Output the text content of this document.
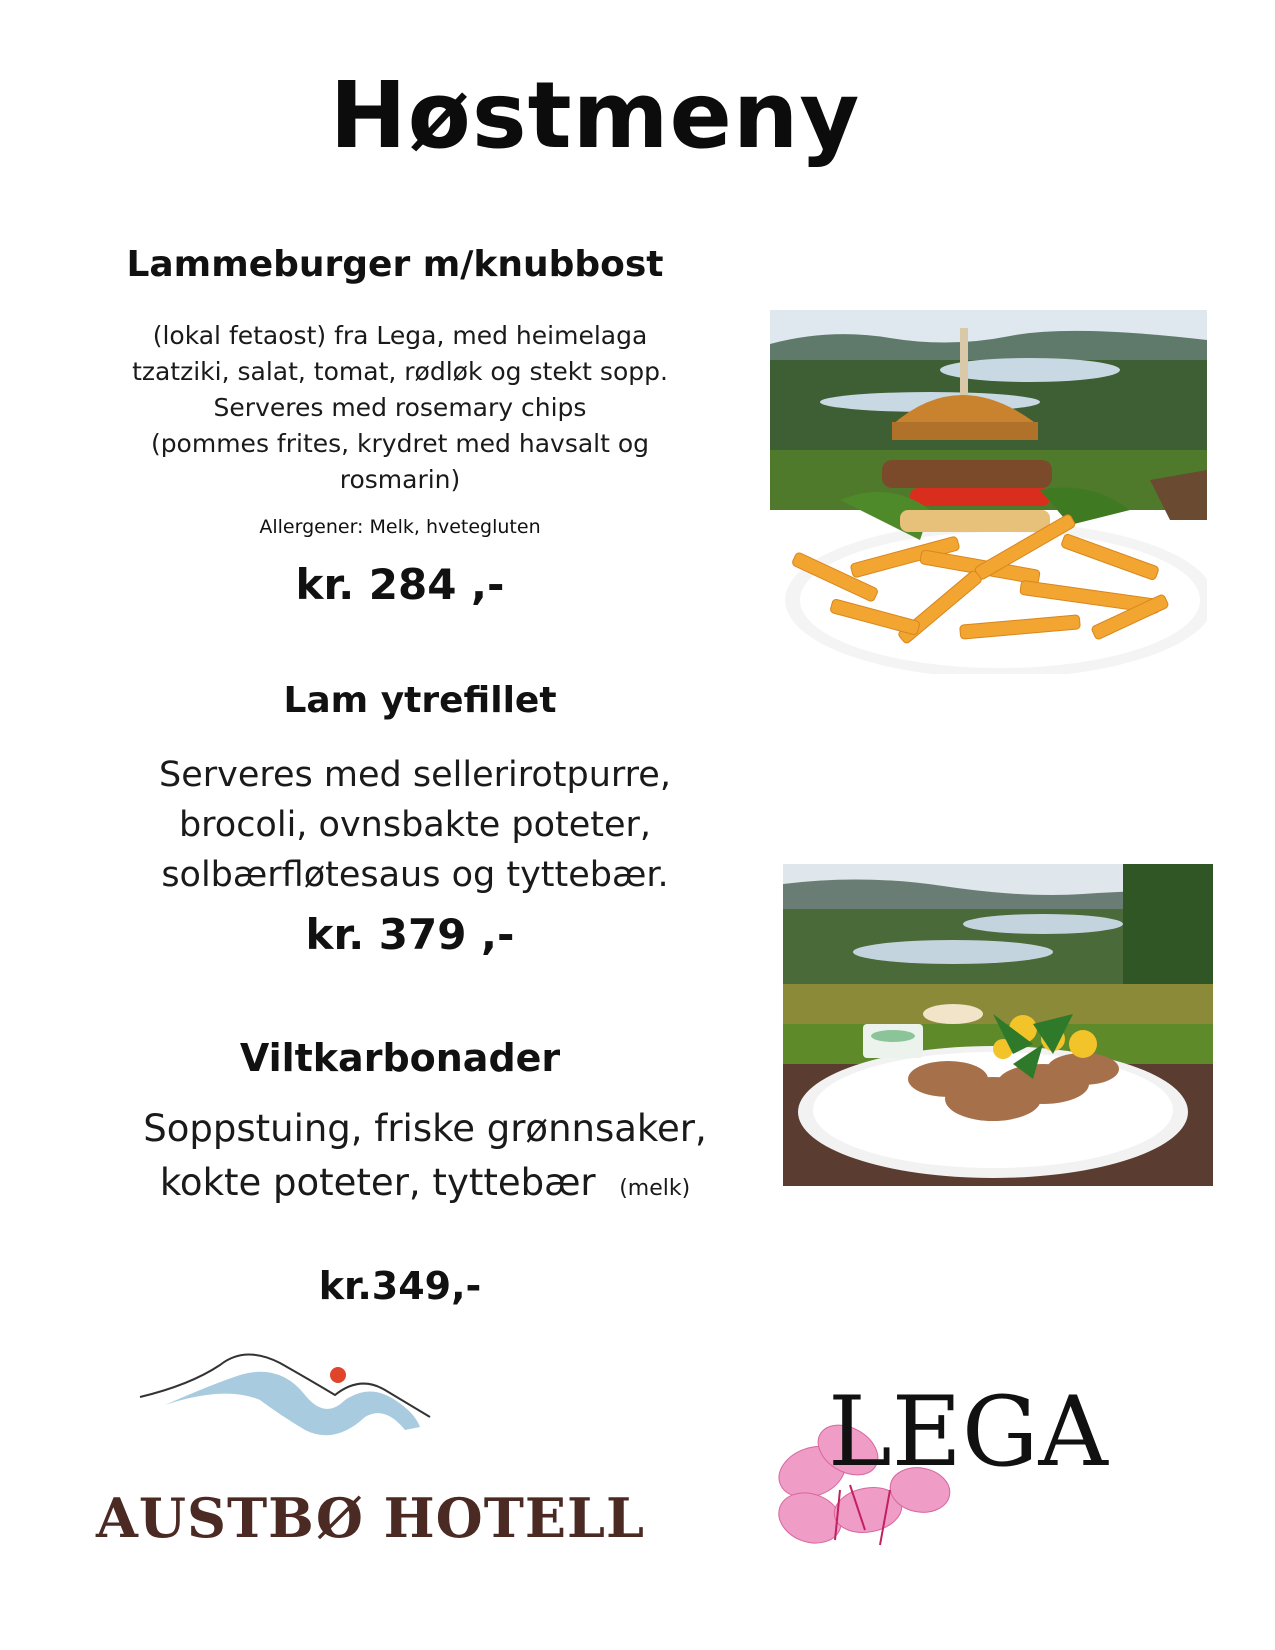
Høstmeny
Lammeburger m/knubbost
(lokal fetaost) fra Lega, med heimelaga
tzatziki, salat, tomat, rødløk og stekt sopp.
Serveres med rosemary chips
(pommes frites, krydret med havsalt og
rosmarin)
Allergener: Melk, hvetegluten
kr. 284 ,-
Lam ytrefillet
Serveres med sellerirotpurre,
brocoli, ovnsbakte poteter,
solbærfløtesaus og tyttebær.
kr. 379 ,-
Viltkarbonader
Soppstuing, friske grønnsaker,
kokte poteter, tyttebær (melk)
kr.349,-
AUSTBØ HOTELL
LEGA
